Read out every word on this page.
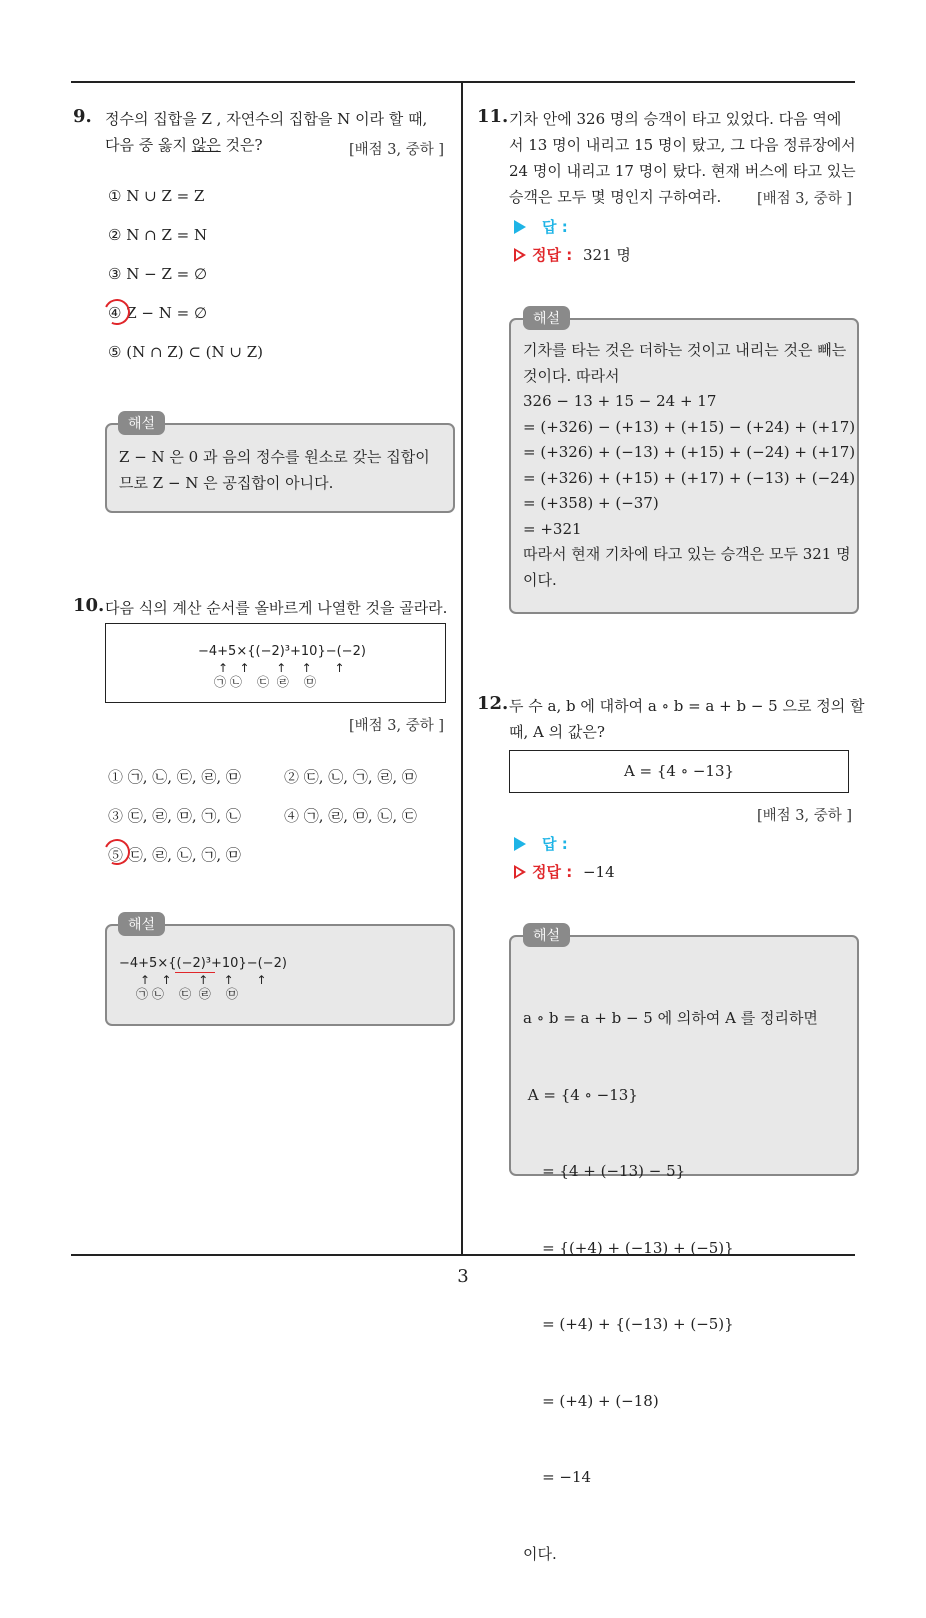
3
9. 정수의 집합을 Z , 자연수의 집합을 N 이라 할 때,
다음 중 옳지 않은 것은?	[배점 3, 중하 ]
① N ∪ Z = Z
② N ∩ Z = N
③ N − Z = ∅
④ Z − N = ∅
⑤ (N ∩ Z) ⊂ (N ∪ Z)
Z − N 은 0 과 음의 정수를 원소로 갖는 집합이
므로 Z − N 은 공집합이 아니다.
해설
10. 다음 식의 계산 순서를 올바르게 나열한 것을 골라라.
−4+5×{(−2)³+10}−(−2)
↑   ↑       ↑    ↑      ↑
㉠ ㉡    ㉢  ㉣    ㉤
[배점 3, 중하 ]
① ㉠, ㉡, ㉢, ㉣, ㉤	② ㉢, ㉡, ㉠, ㉣, ㉤
③ ㉢, ㉣, ㉤, ㉠, ㉡	④ ㉠, ㉣, ㉤, ㉡, ㉢
⑤ ㉢, ㉣, ㉡, ㉠, ㉤
−4+5×{(−2)³+10}−(−2)
↑   ↑       ↑    ↑      ↑
㉠ ㉡    ㉢  ㉣    ㉤
해설
11. 기차 안에 326 명의 승객이 타고 있었다. 다음 역에
서 13 명이 내리고 15 명이 탔고, 그 다음 정류장에서
24 명이 내리고 17 명이 탔다. 현재 버스에 타고 있는
승객은 모두 몇 명인지 구하여라.	[배점 3, 중하 ]
답 :
정답 : 321 명
기차를 타는 것은 더하는 것이고 내리는 것은 빼는
것이다. 따라서
326 − 13 + 15 − 24 + 17
= (+326) − (+13) + (+15) − (+24) + (+17)
= (+326) + (−13) + (+15) + (−24) + (+17)
= (+326) + (+15) + (+17) + (−13) + (−24)
= (+358) + (−37)
= +321
따라서 현재 기차에 타고 있는 승객은 모두 321 명
이다.
해설
12. 두 수 a, b 에 대하여 a ∘ b = a + b − 5 으로 정의 할
때, A 의 값은?
A = {4 ∘ −13}
[배점 3, 중하 ]
답 :
정답 : −14

a ∘ b = a + b − 5 에 의하여 A 를 정리하면

A = {4 ∘ −13}

= {4 + (−13) − 5}

= {(+4) + (−13) + (−5)}

= (+4) + {(−13) + (−5)}

= (+4) + (−18)

= −14

이다.

해설
